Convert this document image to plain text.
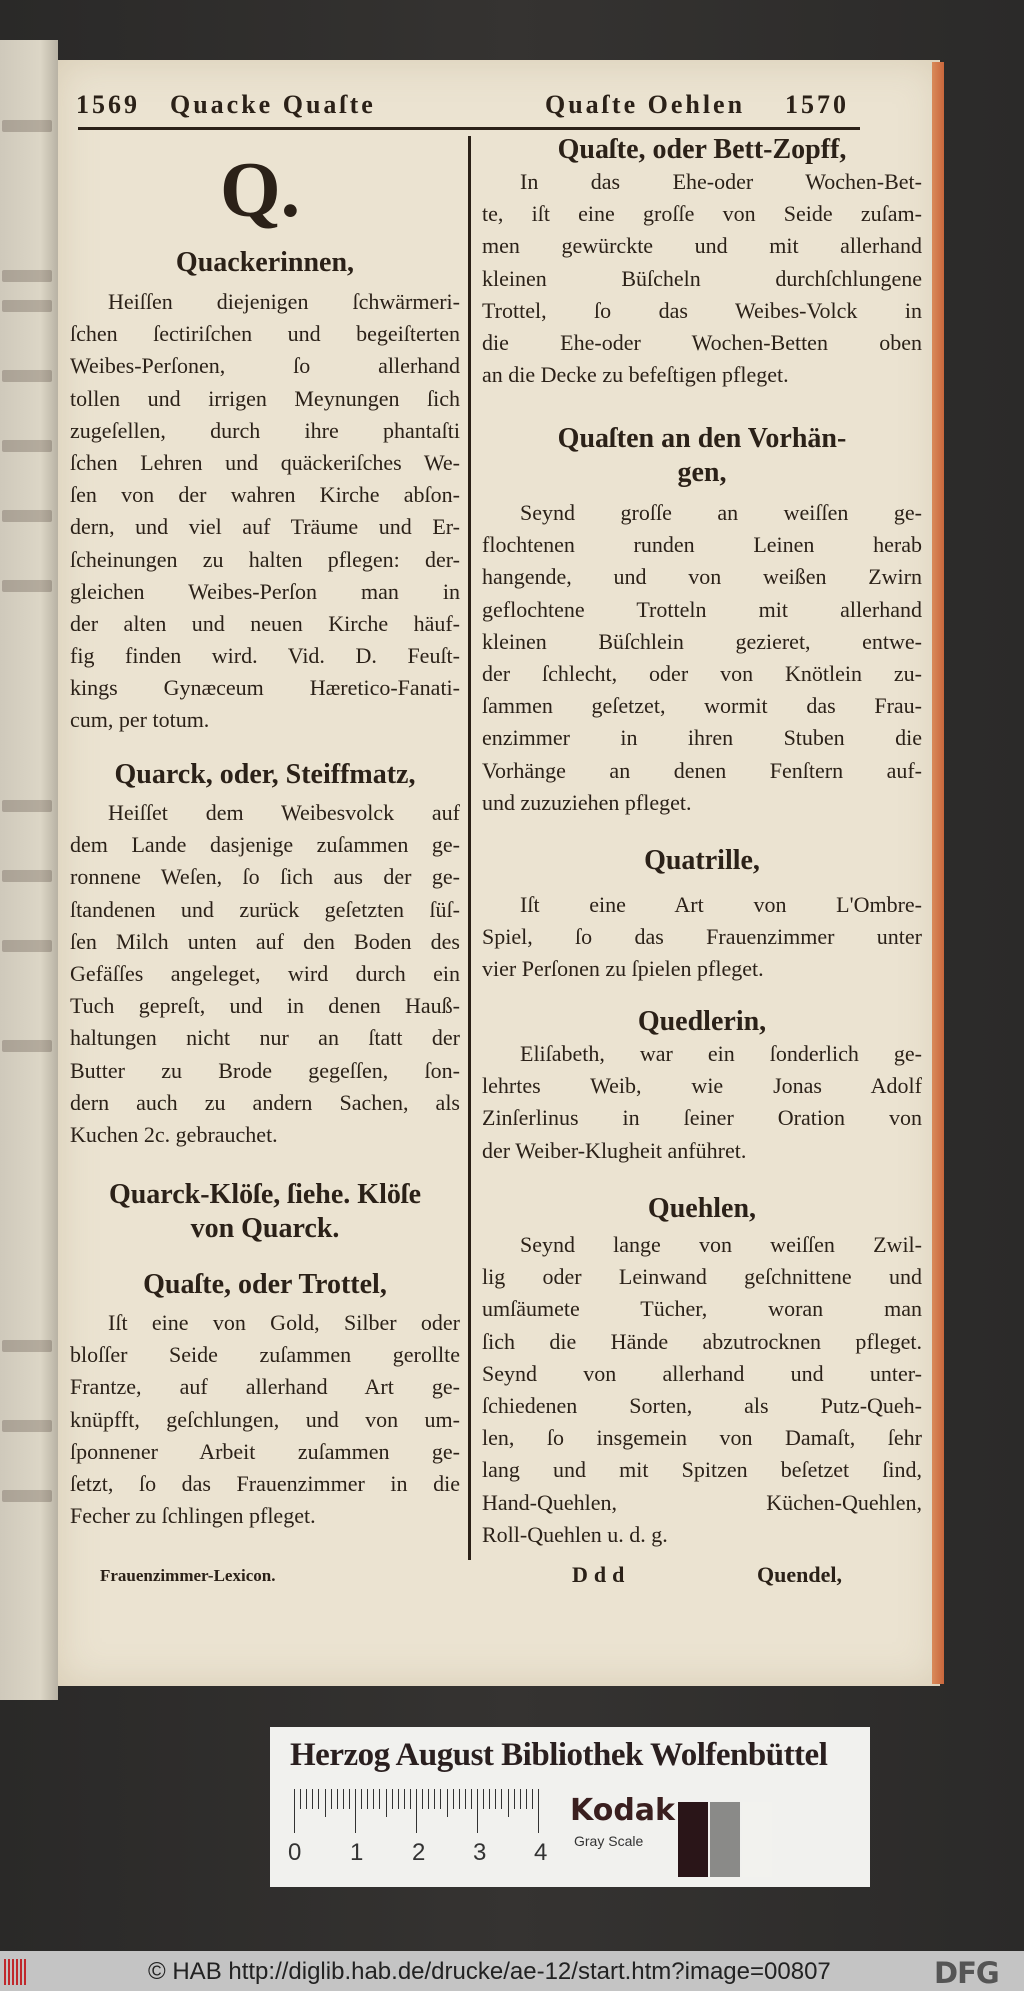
1569 Quacke Quaſte	Quaſte Oehlen 1570
Q.
Quackerinnen,
Heiſſen diejenigen ſchwärmeri-
ſchen ſectiriſchen und begeiſterten
Weibes-Perſonen, ſo allerhand
tollen und irrigen Meynungen ſich
zugeſellen, durch ihre phantaſti
ſchen Lehren und quäckeriſches We-
ſen von der wahren Kirche abſon-
dern, und viel auf Träume und Er-
ſcheinungen zu halten pflegen: der-
gleichen Weibes-Perſon man in
der alten und neuen Kirche häuf-
fig finden wird. Vid. D. Feuſt-
kings Gynæceum Hæretico-Fanati-
cum, per totum.
Quarck, oder, Steiffmatz,
Heiſſet dem Weibesvolck auf
dem Lande dasjenige zuſammen ge-
ronnene Weſen, ſo ſich aus der ge-
ſtandenen und zurück geſetzten ſüſ-
ſen Milch unten auf den Boden des
Gefäſſes angeleget, wird durch ein
Tuch gepreſt, und in denen Hauß-
haltungen nicht nur an ſtatt der
Butter zu Brode gegeſſen, ſon-
dern auch zu andern Sachen, als
Kuchen 2c. gebrauchet.
Quarck-Klöſe, ſiehe. Klöſe
von Quarck.
Quaſte, oder Trottel,
Iſt eine von Gold, Silber oder
bloſſer Seide zuſammen gerollte
Frantze, auf allerhand Art ge-
knüpfft, geſchlungen, und von um-
ſponnener Arbeit zuſammen ge-
ſetzt, ſo das Frauenzimmer in die
Fecher zu ſchlingen pfleget.
Quaſte, oder Bett-Zopff,
In das Ehe-oder Wochen-Bet-
te, iſt eine groſſe von Seide zuſam-
men gewürckte und mit allerhand
kleinen Büſcheln durchſchlungene
Trottel, ſo das Weibes-Volck in
die Ehe-oder Wochen-Betten oben
an die Decke zu befeſtigen pfleget.
Quaſten an den Vorhän-
gen,
Seynd groſſe an weiſſen ge-
flochtenen runden Leinen herab
hangende, und von weißen Zwirn
geflochtene Trotteln mit allerhand
kleinen Büſchlein gezieret, entwe-
der ſchlecht, oder von Knötlein zu-
ſammen geſetzet, wormit das Frau-
enzimmer in ihren Stuben die
Vorhänge an denen Fenſtern auf-
und zuzuziehen pfleget.
Quatrille,
Iſt eine Art von L'Ombre-
Spiel, ſo das Frauenzimmer unter
vier Perſonen zu ſpielen pfleget.
Quedlerin,
Eliſabeth, war ein ſonderlich ge-
lehrtes Weib, wie Jonas Adolf
Zinſerlinus in ſeiner Oration von
der Weiber-Klugheit anführet.
Quehlen,
Seynd lange von weiſſen Zwil-
lig oder Leinwand geſchnittene und
umſäumete Tücher, woran man
ſich die Hände abzutrocknen pfleget.
Seynd von allerhand und unter-
ſchiedenen Sorten, als Putz-Queh-
len, ſo insgemein von Damaſt, ſehr
lang und mit Spitzen beſetzet ſind,
Hand-Quehlen, Küchen-Quehlen,
Roll-Quehlen u. d. g.
Frauenzimmer-Lexicon.	Ddd	Quendel,
Herzog August Bibliothek Wolfenbüttel
0 1 2 3 4
Kodak
Gray Scale
© HAB http://diglib.hab.de/drucke/ae-12/start.htm?image=00807	DFG
